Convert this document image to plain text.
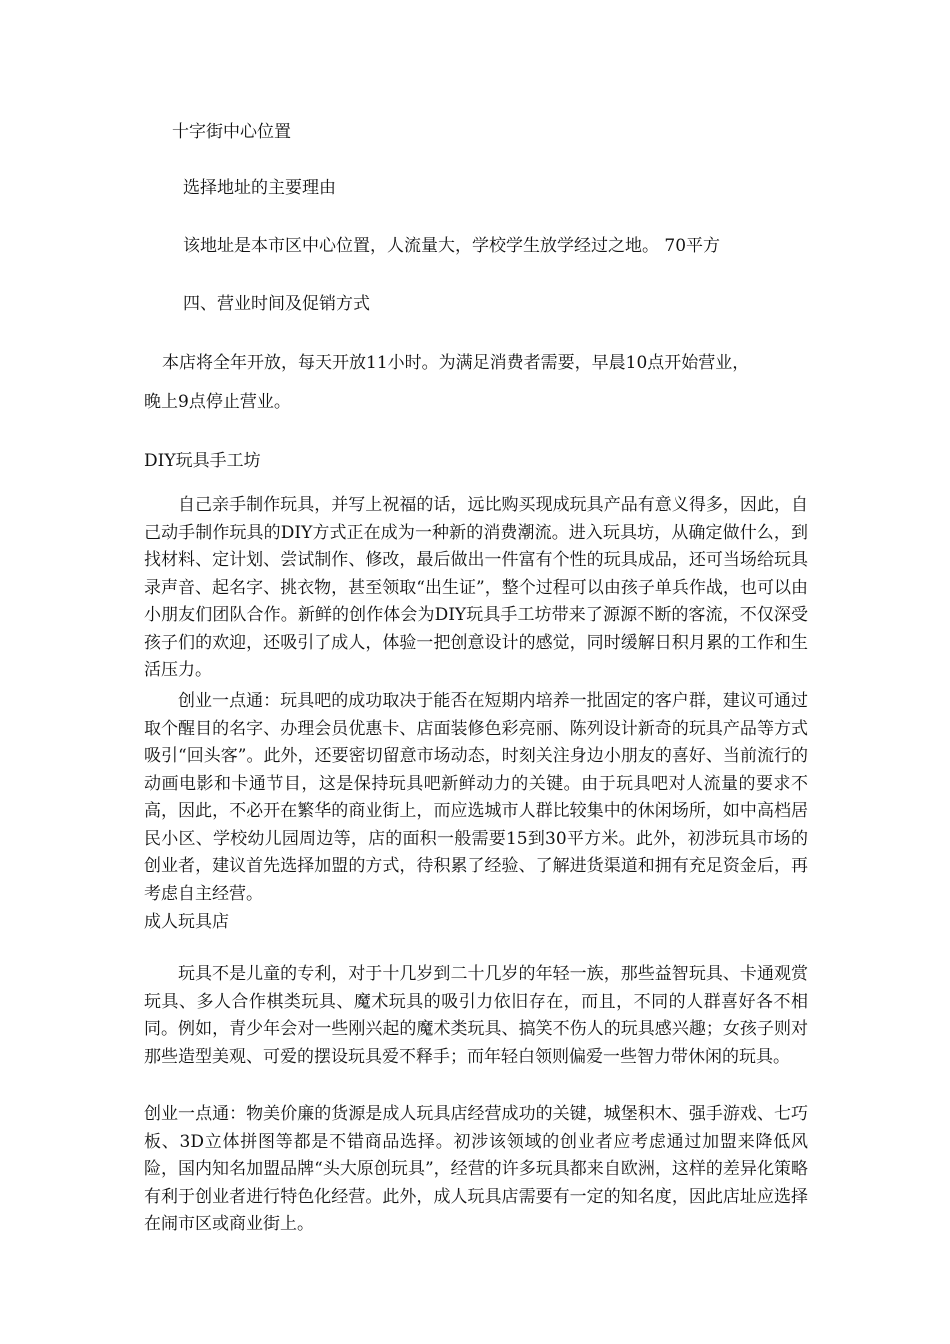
十字街中心位置
选择地址的主要理由
该地址是本市区中心位置，人流量大，学校学生放学经过之地。 70平方
四、营业时间及促销方式
本店将全年开放，每天开放11小时。为满足消费者需要，早晨10点开始营业，
晚上9点停止营业。
DIY玩具手工坊
自己亲手制作玩具，并写上祝福的话，远比购买现成玩具产品有意义得多，因此，自己动手制作玩具的DIY方式正在成为一种新的消费潮流。进入玩具坊，从确定做什么，到找材料、定计划、尝试制作、修改，最后做出一件富有个性的玩具成品，还可当场给玩具录声音、起名字、挑衣物，甚至领取“出生证”，整个过程可以由孩子单兵作战，也可以由小朋友们团队合作。新鲜的创作体会为DIY玩具手工坊带来了源源不断的客流，不仅深受孩子们的欢迎，还吸引了成人，体验一把创意设计的感觉，同时缓解日积月累的工作和生活压力。
创业一点通：玩具吧的成功取决于能否在短期内培养一批固定的客户群，建议可通过取个醒目的名字、办理会员优惠卡、店面装修色彩亮丽、陈列设计新奇的玩具产品等方式吸引“回头客”。此外，还要密切留意市场动态，时刻关注身边小朋友的喜好、当前流行的动画电影和卡通节目，这是保持玩具吧新鲜动力的关键。由于玩具吧对人流量的要求不高，因此，不必开在繁华的商业街上，而应选城市人群比较集中的休闲场所，如中高档居民小区、学校幼儿园周边等，店的面积一般需要15到30平方米。此外，初涉玩具市场的创业者，建议首先选择加盟的方式，待积累了经验、了解进货渠道和拥有充足资金后，再考虑自主经营。
成人玩具店
玩具不是儿童的专利，对于十几岁到二十几岁的年轻一族，那些益智玩具、卡通观赏玩具、多人合作棋类玩具、魔术玩具的吸引力依旧存在，而且，不同的人群喜好各不相同。例如，青少年会对一些刚兴起的魔术类玩具、搞笑不伤人的玩具感兴趣；女孩子则对那些造型美观、可爱的摆设玩具爱不释手；而年轻白领则偏爱一些智力带休闲的玩具。
创业一点通：物美价廉的货源是成人玩具店经营成功的关键，城堡积木、强手游戏、七巧板、3D立体拼图等都是不错商品选择。初涉该领域的创业者应考虑通过加盟来降低风险，国内知名加盟品牌“头大原创玩具”，经营的许多玩具都来自欧洲，这样的差异化策略有利于创业者进行特色化经营。此外，成人玩具店需要有一定的知名度，因此店址应选择在闹市区或商业街上。
